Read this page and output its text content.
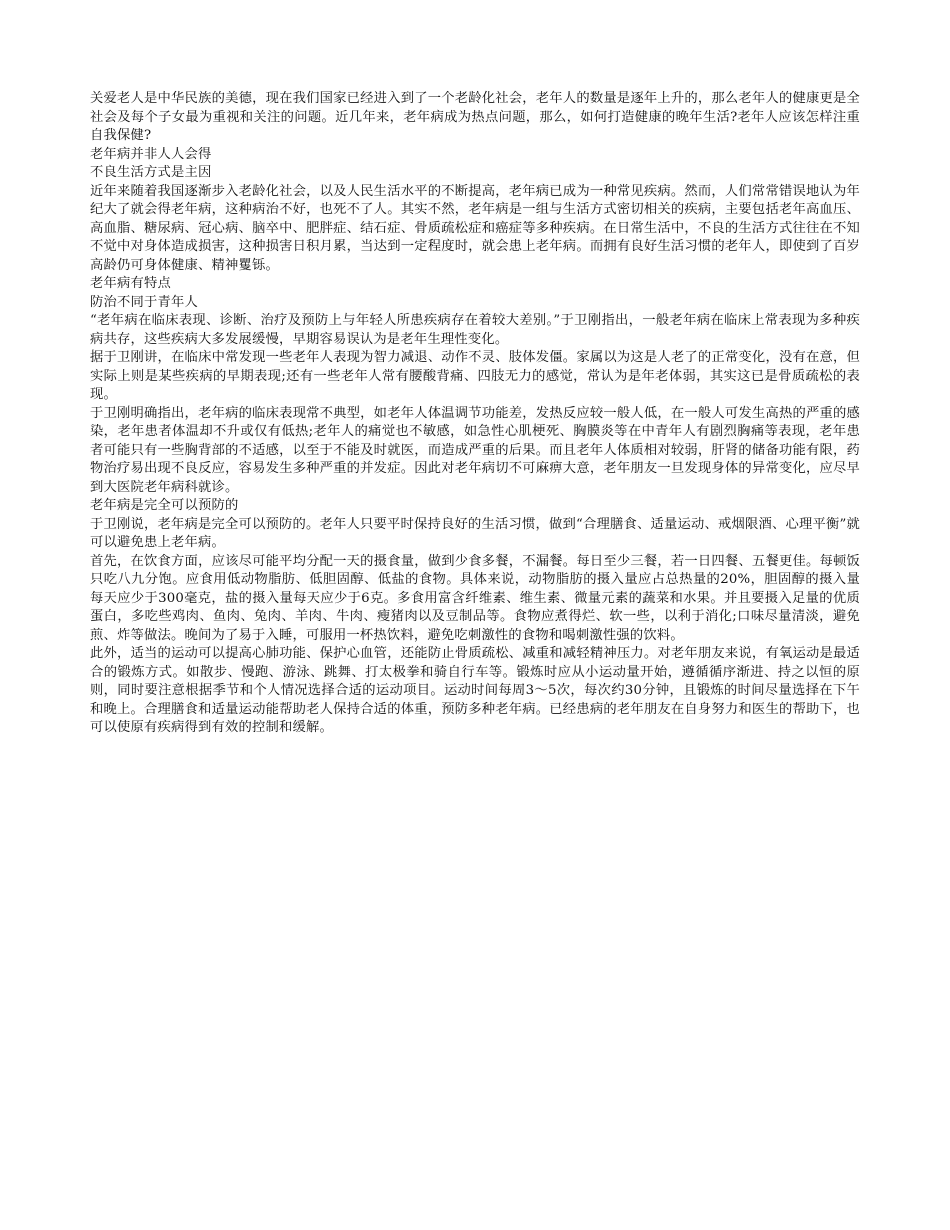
关爱老人是中华民族的美德，现在我们国家已经进入到了一个老龄化社会，老年人的数量是逐年上升的，那么老年人的健康更是全社会及每个子女最为重视和关注的问题。近几年来，老年病成为热点问题，那么，如何打造健康的晚年生活?老年人应该怎样注重自我保健?

老年病并非人人会得
不良生活方式是主因

近年来随着我国逐渐步入老龄化社会，以及人民生活水平的不断提高，老年病已成为一种常见疾病。然而，人们常常错误地认为年纪大了就会得老年病，这种病治不好，也死不了人。其实不然，老年病是一组与生活方式密切相关的疾病，主要包括老年高血压、高血脂、糖尿病、冠心病、脑卒中、肥胖症、结石症、骨质疏松症和癌症等多种疾病。在日常生活中，不良的生活方式往往在不知不觉中对身体造成损害，这种损害日积月累，当达到一定程度时，就会患上老年病。而拥有良好生活习惯的老年人，即使到了百岁高龄仍可身体健康、精神矍铄。

老年病有特点
防治不同于青年人

“老年病在临床表现、诊断、治疗及预防上与年轻人所患疾病存在着较大差别。”于卫刚指出，一般老年病在临床上常表现为多种疾病共存，这些疾病大多发展缓慢，早期容易误认为是老年生理性变化。

据于卫刚讲，在临床中常发现一些老年人表现为智力减退、动作不灵、肢体发僵。家属以为这是人老了的正常变化，没有在意，但实际上则是某些疾病的早期表现;还有一些老年人常有腰酸背痛、四肢无力的感觉，常认为是年老体弱，其实这已是骨质疏松的表现。

于卫刚明确指出，老年病的临床表现常不典型，如老年人体温调节功能差，发热反应较一般人低，在一般人可发生高热的严重的感染，老年患者体温却不升或仅有低热;老年人的痛觉也不敏感，如急性心肌梗死、胸膜炎等在中青年人有剧烈胸痛等表现，老年患者可能只有一些胸背部的不适感，以至于不能及时就医，而造成严重的后果。而且老年人体质相对较弱，肝肾的储备功能有限，药物治疗易出现不良反应，容易发生多种严重的并发症。因此对老年病切不可麻痹大意，老年朋友一旦发现身体的异常变化，应尽早到大医院老年病科就诊。

老年病是完全可以预防的

于卫刚说，老年病是完全可以预防的。老年人只要平时保持良好的生活习惯，做到“合理膳食、适量运动、戒烟限酒、心理平衡”就可以避免患上老年病。

首先，在饮食方面，应该尽可能平均分配一天的摄食量，做到少食多餐，不漏餐。每日至少三餐，若一日四餐、五餐更佳。每顿饭只吃八九分饱。应食用低动物脂肪、低胆固醇、低盐的食物。具体来说，动物脂肪的摄入量应占总热量的20%，胆固醇的摄入量每天应少于300毫克，盐的摄入量每天应少于6克。多食用富含纤维素、维生素、微量元素的蔬菜和水果。并且要摄入足量的优质蛋白，多吃些鸡肉、鱼肉、兔肉、羊肉、牛肉、瘦猪肉以及豆制品等。食物应煮得烂、软一些，以利于消化;口味尽量清淡，避免煎、炸等做法。晚间为了易于入睡，可服用一杯热饮料，避免吃刺激性的食物和喝刺激性强的饮料。

此外，适当的运动可以提高心肺功能、保护心血管，还能防止骨质疏松、减重和减轻精神压力。对老年朋友来说，有氧运动是最适合的锻炼方式。如散步、慢跑、游泳、跳舞、打太极拳和骑自行车等。锻炼时应从小运动量开始，遵循循序渐进、持之以恒的原则，同时要注意根据季节和个人情况选择合适的运动项目。运动时间每周3～5次，每次约30分钟，且锻炼的时间尽量选择在下午和晚上。合理膳食和适量运动能帮助老人保持合适的体重，预防多种老年病。已经患病的老年朋友在自身努力和医生的帮助下，也可以使原有疾病得到有效的控制和缓解。
